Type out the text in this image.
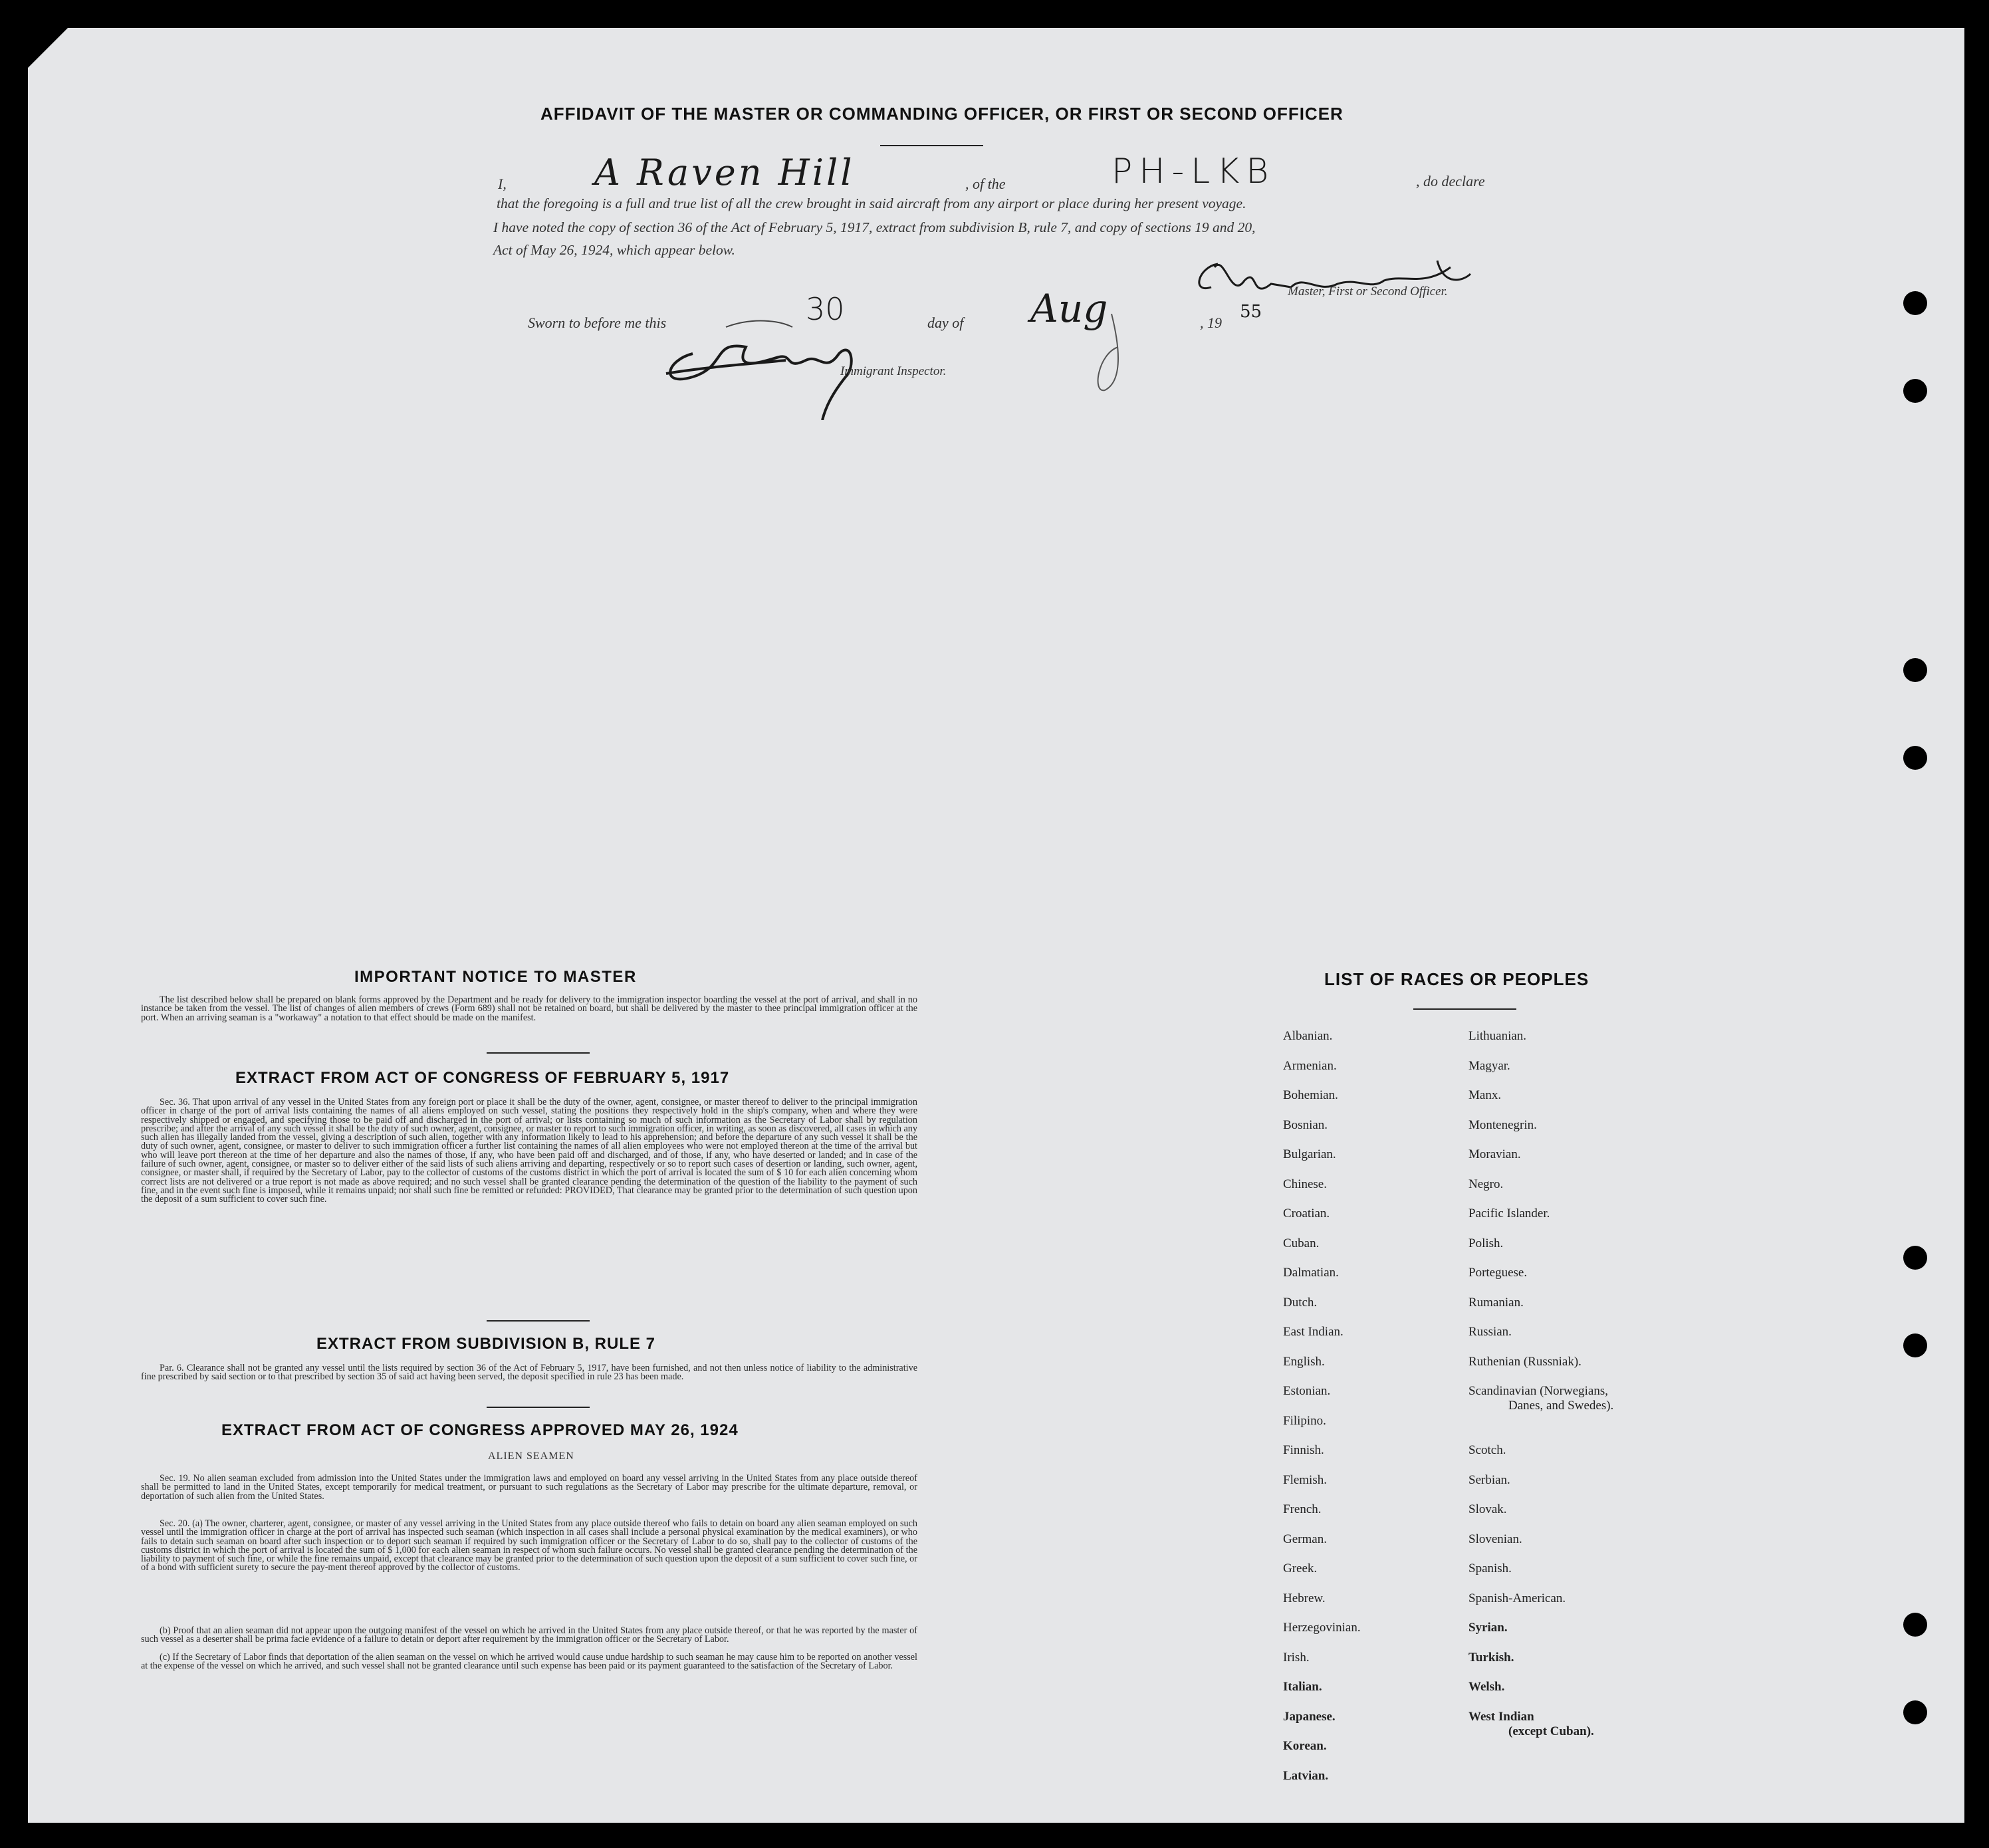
AFFIDAVIT OF THE MASTER OR COMMANDING OFFICER, OR FIRST OR SECOND OFFICER
I, A Raven Hill	, of the	PH-LKB	, do declare
that the foregoing is a full and true list of all the crew brought in said aircraft from any airport or place during her present voyage.
I have noted the copy of section 36 of the Act of February 5, 1917, extract from subdivision B, rule 7, and copy of sections 19 and 20,
Act of May 26, 1924, which appear below.
Master, First or Second Officer.
Sworn to before me this	30	day of Aug	, 19
55
Immigrant Inspector.
IMPORTANT NOTICE TO MASTER
The list described below shall be prepared on blank forms approved by the Department and be ready for delivery to the immigration inspector boarding the vessel at the port of arrival, and shall in no instance be taken from the vessel. The list of changes of alien members of crews (Form 689) shall not be retained on board, but shall be delivered by the master to thee principal immigration officer at the port. When an arriving seaman is a "workaway" a notation to that effect should be made on the manifest.
EXTRACT FROM ACT OF CONGRESS OF FEBRUARY 5, 1917
Sec. 36. That upon arrival of any vessel in the United States from any foreign port or place it shall be the duty of the owner, agent, consignee, or master thereof to deliver to the principal immigration officer in charge of the port of arrival lists containing the names of all aliens employed on such vessel, stating the positions they respectively hold in the ship's company, when and where they were respectively shipped or engaged, and specifying those to be paid off and discharged in the port of arrival; or lists containing so much of such information as the Secretary of Labor shall by regulation prescribe; and after the arrival of any such vessel it shall be the duty of such owner, agent, consignee, or master to report to such immigration officer, in writing, as soon as discovered, all cases in which any such alien has illegally landed from the vessel, giving a description of such alien, together with any information likely to lead to his apprehension; and before the departure of any such vessel it shall be the duty of such owner, agent, consignee, or master to deliver to such immigration officer a further list containing the names of all alien employees who were not employed thereon at the time of the arrival but who will leave port thereon at the time of her departure and also the names of those, if any, who have been paid off and discharged, and of those, if any, who have deserted or landed; and in case of the failure of such owner, agent, consignee, or master so to deliver either of the said lists of such aliens arriving and departing, respectively or so to report such cases of desertion or landing, such owner, agent, consignee, or master shall, if required by the Secretary of Labor, pay to the collector of customs of the customs district in which the port of arrival is located the sum of $ 10 for each alien concerning whom correct lists are not delivered or a true report is not made as above required; and no such vessel shall be granted clearance pending the determination of the question of the liability to the payment of such fine, and in the event such fine is imposed, while it remains unpaid; nor shall such fine be remitted or refunded: PROVIDED, That clearance may be granted prior to the determination of such question upon the deposit of a sum sufficient to cover such fine.
EXTRACT FROM SUBDIVISION B, RULE 7
Par. 6. Clearance shall not be granted any vessel until the lists required by section 36 of the Act of February 5, 1917, have been furnished, and not then unless notice of liability to the administrative fine prescribed by said section or to that prescribed by section 35 of said act having been served, the deposit specified in rule 23 has been made.
EXTRACT FROM ACT OF CONGRESS APPROVED MAY 26, 1924
ALIEN SEAMEN
Sec. 19. No alien seaman excluded from admission into the United States under the immigration laws and employed on board any vessel arriving in the United States from any place outside thereof shall be permitted to land in the United States, except temporarily for medical treatment, or pursuant to such regulations as the Secretary of Labor may prescribe for the ultimate departure, removal, or deportation of such alien from the United States.
Sec. 20. (a) The owner, charterer, agent, consignee, or master of any vessel arriving in the United States from any place outside thereof who fails to detain on board any alien seaman employed on such vessel until the immigration officer in charge at the port of arrival has inspected such seaman (which inspection in all cases shall include a personal physical examination by the medical examiners), or who fails to detain such seaman on board after such inspection or to deport such seaman if required by such immigration officer or the Secretary of Labor to do so, shall pay to the collector of customs of the customs district in which the port of arrival is located the sum of $ 1,000 for each alien seaman in respect of whom such failure occurs. No vessel shall be granted clearance pending the determination of the liability to payment of such fine, or while the fine remains unpaid, except that clearance may be granted prior to the determination of such question upon the deposit of a sum sufficient to cover such fine, or of a bond with sufficient surety to secure the pay-ment thereof approved by the collector of customs.
(b) Proof that an alien seaman did not appear upon the outgoing manifest of the vessel on which he arrived in the United States from any place outside thereof, or that he was reported by the master of such vessel as a deserter shall be prima facie evidence of a failure to detain or deport after requirement by the immigration officer or the Secretary of Labor.
(c) If the Secretary of Labor finds that deportation of the alien seaman on the vessel on which he arrived would cause undue hardship to such seaman he may cause him to be reported on another vessel at the expense of the vessel on which he arrived, and such vessel shall not be granted clearance until such expense has been paid or its payment guaranteed to the satisfaction of the Secretary of Labor.
LIST OF RACES OR PEOPLES
Albanian.
Armenian.
Bohemian.
Bosnian.
Bulgarian.
Chinese.
Croatian.
Cuban.
Dalmatian.
Dutch.
East Indian.
English.
Estonian.
Filipino.
Finnish.
Flemish.
French.
German.
Greek.
Hebrew.
Herzegovinian.
Irish.
Italian.
Japanese.
Korean.
Latvian.
Lithuanian.
Magyar.
Manx.
Montenegrin.
Moravian.
Negro.
Pacific Islander.
Polish.
Porteguese.
Rumanian.
Russian.
Ruthenian (Russniak).
Scandinavian (Norwegians,
Danes, and Swedes).
Scotch.
Serbian.
Slovak.
Slovenian.
Spanish.
Spanish-American.
Syrian.
Turkish.
Welsh.
West Indian
(except Cuban).
